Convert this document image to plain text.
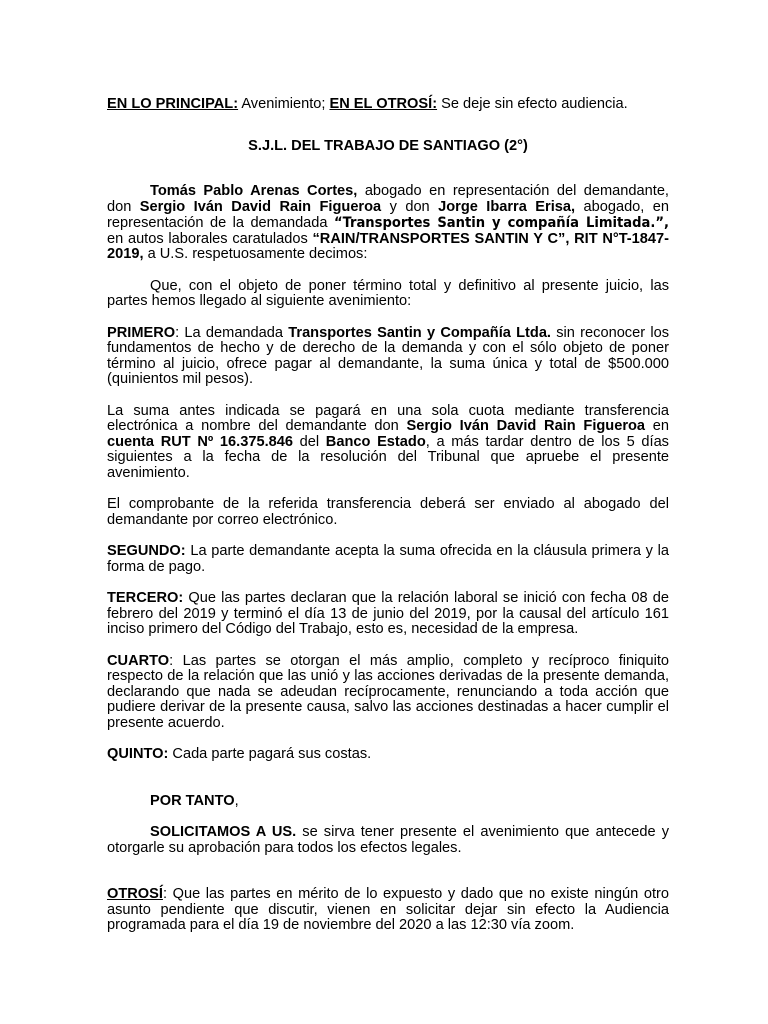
EN LO PRINCIPAL: Avenimiento; EN EL OTROSÍ: Se deje sin efecto audiencia.

S.J.L. DEL TRABAJO DE SANTIAGO (2°)

Tomás Pablo Arenas Cortes, abogado en representación del demandante, don Sergio Iván David Rain Figueroa y don Jorge Ibarra Erisa, abogado, en representación de la demandada “Transportes Santin y compañía Limitada.”, en autos laborales caratulados “RAIN/TRANSPORTES SANTIN Y C”, RIT N°T-1847-2019, a U.S. respetuosamente decimos:

Que, con el objeto de poner término total y definitivo al presente juicio, las partes hemos llegado al siguiente avenimiento:

PRIMERO: La demandada Transportes Santin y Compañía Ltda. sin reconocer los fundamentos de hecho y de derecho de la demanda y con el sólo objeto de poner término al juicio, ofrece pagar al demandante, la suma única y total de $500.000 (quinientos mil pesos).

La suma antes indicada se pagará en una sola cuota mediante transferencia electrónica a nombre del demandante don Sergio Iván David Rain Figueroa en cuenta RUT Nº 16.375.846 del Banco Estado, a más tardar dentro de los 5 días siguientes a la fecha de la resolución del Tribunal que apruebe el presente avenimiento.

El comprobante de la referida transferencia deberá ser enviado al abogado del demandante por correo electrónico.

SEGUNDO: La parte demandante acepta la suma ofrecida en la cláusula primera y la forma de pago.

TERCERO: Que las partes declaran que la relación laboral se inició con fecha 08 de febrero del 2019 y terminó el día 13 de junio del 2019, por la causal del artículo 161 inciso primero del Código del Trabajo, esto es, necesidad de la empresa.

CUARTO: Las partes se otorgan el más amplio, completo y recíproco finiquito respecto de la relación que las unió y las acciones derivadas de la presente demanda, declarando que nada se adeudan recíprocamente, renunciando a toda acción que pudiere derivar de la presente causa, salvo las acciones destinadas a hacer cumplir el presente acuerdo.

QUINTO: Cada parte pagará sus costas.

POR TANTO,

SOLICITAMOS A US. se sirva tener presente el avenimiento que antecede y otorgarle su aprobación para todos los efectos legales.

OTROSÍ: Que las partes en mérito de lo expuesto y dado que no existe ningún otro asunto pendiente que discutir, vienen en solicitar dejar sin efecto la Audiencia programada para el día 19 de noviembre del 2020 a las 12:30 vía zoom.
